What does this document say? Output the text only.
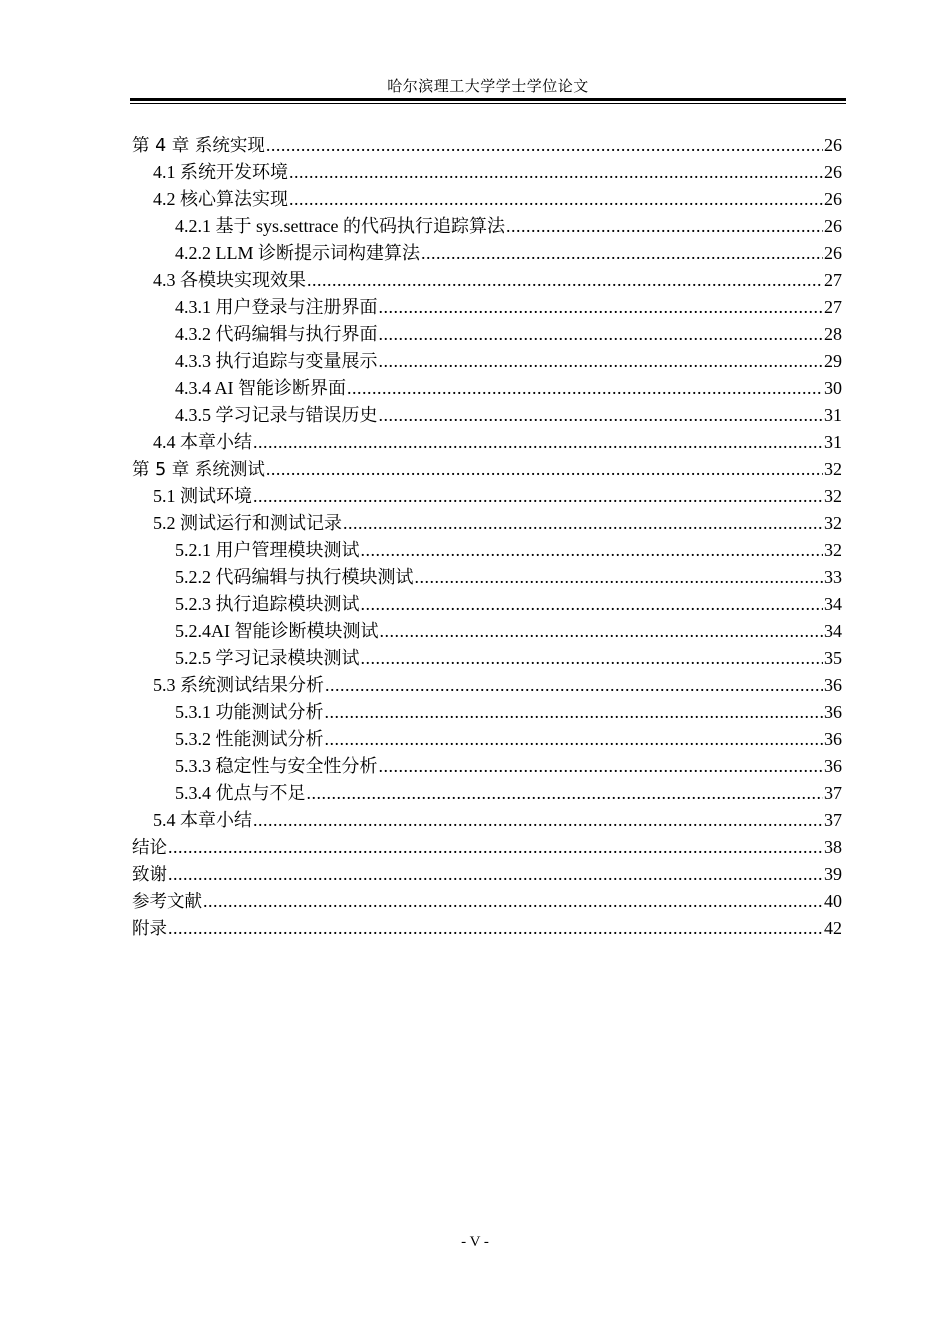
哈尔滨理工大学学士学位论文
第 4 章 系统实现 .....	26
4.1 系统开发环境 .....	26
4.2 核心算法实现 .....	26
4.2.1 基于 sys.settrace 的代码执行追踪算法 .....	26
4.2.2 LLM 诊断提示词构建算法 .....	26
4.3 各模块实现效果 .....	27
4.3.1 用户登录与注册界面 .....	27
4.3.2 代码编辑与执行界面 .....	28
4.3.3 执行追踪与变量展示 .....	29
4.3.4 AI 智能诊断界面 .....	30
4.3.5 学习记录与错误历史 .....	31
4.4 本章小结 .....	31
第 5 章 系统测试 .....	32
5.1 测试环境 .....	32
5.2 测试运行和测试记录 .....	32
5.2.1 用户管理模块测试 .....	32
5.2.2 代码编辑与执行模块测试 .....	33
5.2.3 执行追踪模块测试 .....	34
5.2.4AI 智能诊断模块测试 .....	34
5.2.5 学习记录模块测试 .....	35
5.3 系统测试结果分析 .....	36
5.3.1 功能测试分析 .....	36
5.3.2 性能测试分析 .....	36
5.3.3 稳定性与安全性分析 .....	36
5.3.4 优点与不足 .....	37
5.4 本章小结 .....	37
结论 .....	38
致谢 .....	39
参考文献 .....	40
附录 .....	42
- V -
